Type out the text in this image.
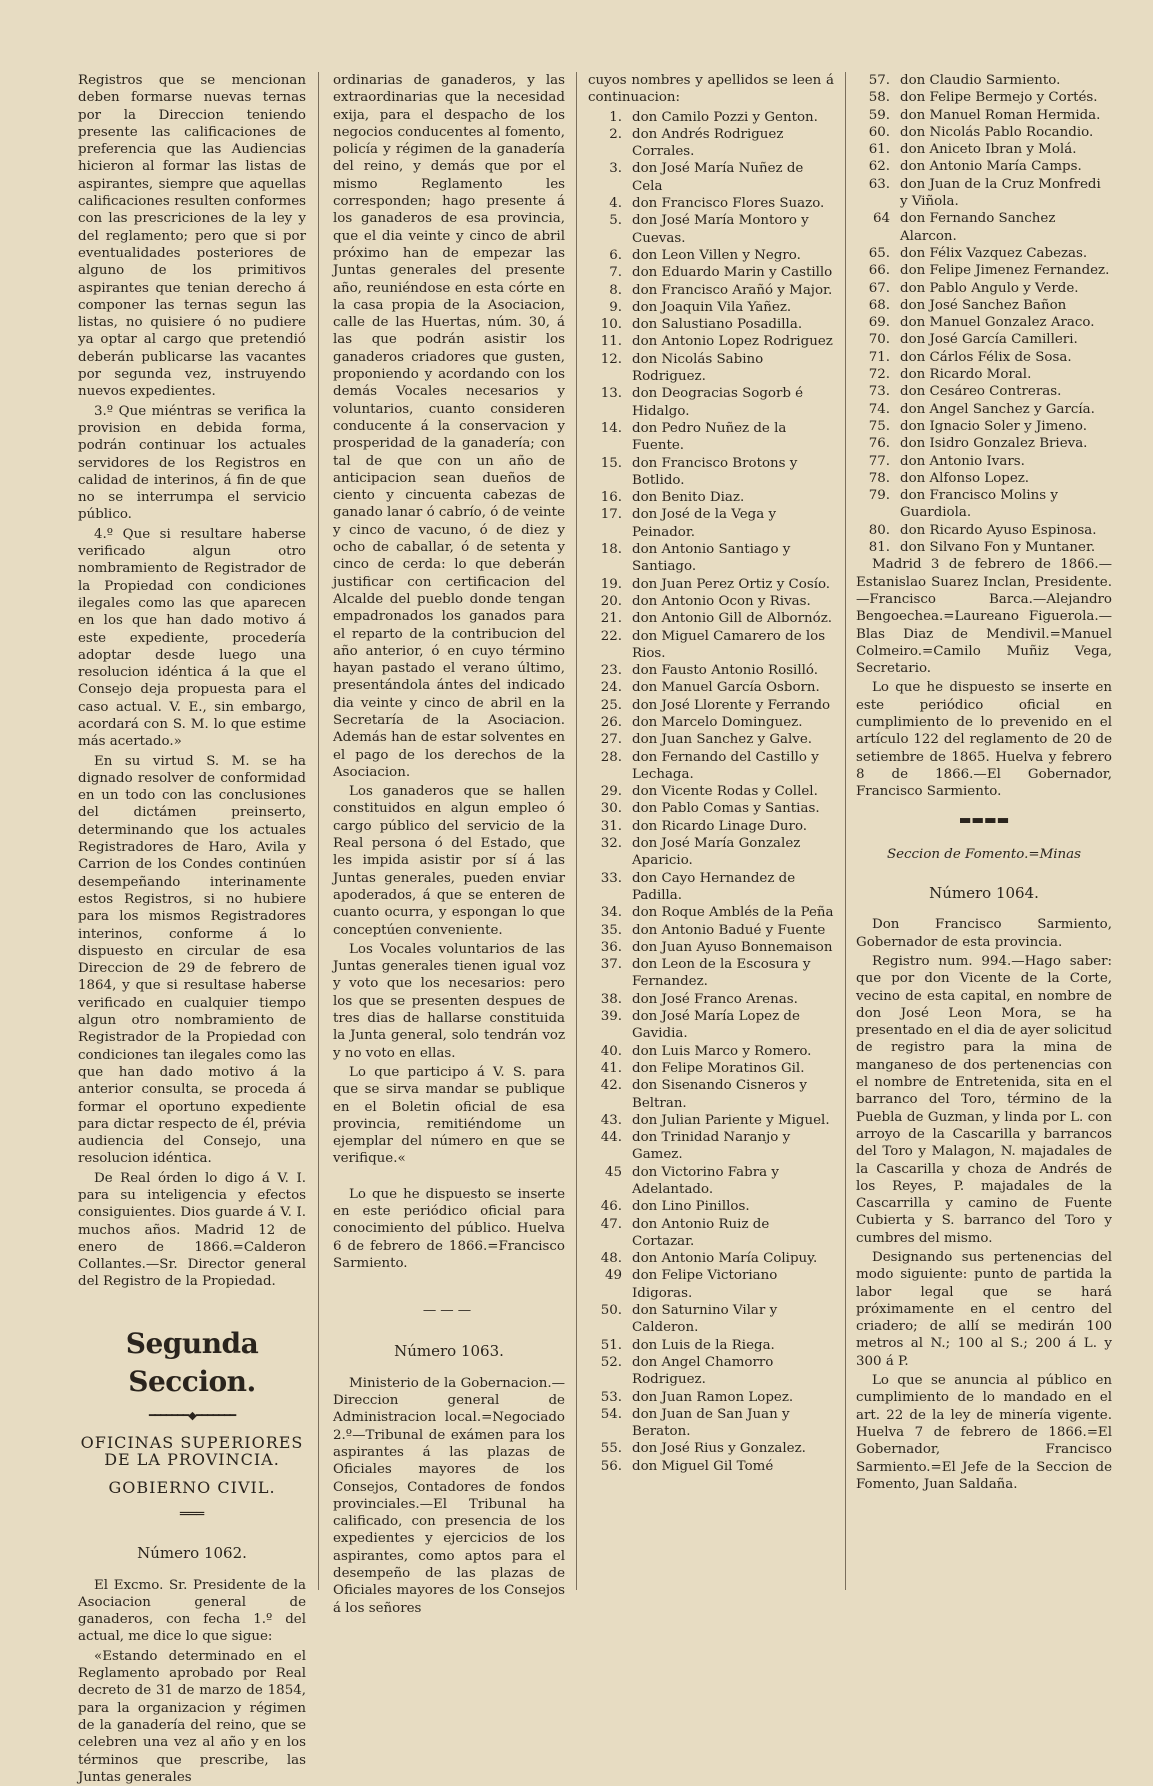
Registros que se mencionan deben formarse nuevas ternas por la Direccion teniendo presente las calificaciones de preferencia que las Audiencias hicieron al formar las listas de aspirantes, siempre que aquellas calificaciones resulten conformes con las prescriciones de la ley y del reglamento; pero que si por eventualidades posteriores de alguno de los primitivos aspirantes que tenian derecho á componer las ternas segun las listas, no quisiere ó no pudiere ya optar al cargo que pretendió deberán publicarse las vacantes por segunda vez, instruyendo nuevos expedientes.

3.º Que miéntras se verifica la provision en debida forma, podrán continuar los actuales servidores de los Registros en calidad de interinos, á fin de que no se interrumpa el servicio público.

4.º Que si resultare haberse verificado algun otro nombramiento de Registrador de la Propiedad con condiciones ilegales como las que aparecen en los que han dado motivo á este expediente, procedería adoptar desde luego una resolucion idéntica á la que el Consejo deja propuesta para el caso actual. V. E., sin embargo, acordará con S. M. lo que estime más acertado.»

En su virtud S. M. se ha dignado resolver de conformidad en un todo con las conclusiones del dictámen preinserto, determinando que los actuales Registradores de Haro, Avila y Carrion de los Condes continúen desempeñando interinamente estos Registros, si no hubiere para los mismos Registradores interinos, conforme á lo dispuesto en circular de esa Direccion de 29 de febrero de 1864, y que si resultase haberse verificado en cualquier tiempo algun otro nombramiento de Registrador de la Propiedad con condiciones tan ilegales como las que han dado motivo á la anterior consulta, se proceda á formar el oportuno expediente para dictar respecto de él, prévia audiencia del Consejo, una resolucion idéntica.

De Real órden lo digo á V. I. para su inteligencia y efectos consiguientes. Dios guarde á V. I. muchos años. Madrid 12 de enero de 1866.=Calderon Collantes.—Sr. Director general del Registro de la Propiedad.

Segunda Seccion.
━━━━━━━◆━━━━━━━
OFICINAS SUPERIORES DE LA PROVINCIA.
GOBIERNO CIVIL.
═══
Número 1062.

El Excmo. Sr. Presidente de la Asociacion general de ganaderos, con fecha 1.º del actual, me dice lo que sigue:

«Estando determinado en el Reglamento aprobado por Real decreto de 31 de marzo de 1854, para la organizacion y régimen de la ganadería del reino, que se celebren una vez al año y en los términos que prescribe, las Juntas generales

ordinarias de ganaderos, y las extraordinarias que la necesidad exija, para el despacho de los negocios conducentes al fomento, policía y régimen de la ganadería del reino, y demás que por el mismo Reglamento les corresponden; hago presente á los ganaderos de esa provincia, que el dia veinte y cinco de abril próximo han de empezar las Juntas generales del presente año, reuniéndose en esta córte en la casa propia de la Asociacion, calle de las Huertas, núm. 30, á las que podrán asistir los ganaderos criadores que gusten, proponiendo y acordando con los demás Vocales necesarios y voluntarios, cuanto consideren conducente á la conservacion y prosperidad de la ganadería; con tal de que con un año de anticipacion sean dueños de ciento y cincuenta cabezas de ganado lanar ó cabrío, ó de veinte y cinco de vacuno, ó de diez y ocho de caballar, ó de setenta y cinco de cerda: lo que deberán justificar con certificacion del Alcalde del pueblo donde tengan empadronados los ganados para el reparto de la contribucion del año anterior, ó en cuyo término hayan pastado el verano último, presentándola ántes del indicado dia veinte y cinco de abril en la Secretaría de la Asociacion. Además han de estar solventes en el pago de los derechos de la Asociacion.

Los ganaderos que se hallen constituidos en algun empleo ó cargo público del servicio de la Real persona ó del Estado, que les impida asistir por sí á las Juntas generales, pueden enviar apoderados, á que se enteren de cuanto ocurra, y espongan lo que conceptúen conveniente.

Los Vocales voluntarios de las Juntas generales tienen igual voz y voto que los necesarios: pero los que se presenten despues de tres dias de hallarse constituida la Junta general, solo tendrán voz y no voto en ellas.

Lo que participo á V. S. para que se sirva mandar se publique en el Boletin oficial de esa provincia, remitiéndome un ejemplar del número en que se verifique.«

Lo que he dispuesto se inserte en este periódico oficial para conocimiento del público. Huelva 6 de febrero de 1866.=Francisco Sarmiento.

———
Número 1063.

Ministerio de la Gobernacion.—Direccion general de Administracion local.=Negociado 2.º—Tribunal de exámen para los aspirantes á las plazas de Oficiales mayores de los Consejos, Contadores de fondos provinciales.—El Tribunal ha calificado, con presencia de los expedientes y ejercicios de los aspirantes, como aptos para el desempeño de las plazas de Oficiales mayores de los Consejos á los señores

cuyos nombres y apellidos se leen á continuacion:

1. don Camilo Pozzi y Genton.
2. don Andrés Rodriguez Corrales.
3. don José María Nuñez de Cela
4. don Francisco Flores Suazo.
5. don José María Montoro y Cuevas.
6. don Leon Villen y Negro.
7. don Eduardo Marin y Castillo
8. don Francisco Arañó y Major.
9. don Joaquin Vila Yañez.
10. don Salustiano Posadilla.
11. don Antonio Lopez Rodriguez
12. don Nicolás Sabino Rodriguez.
13. don Deogracias Sogorb é Hidalgo.
14. don Pedro Nuñez de la Fuente.
15. don Francisco Brotons y Botlido.
16. don Benito Diaz.
17. don José de la Vega y Peinador.
18. don Antonio Santiago y Santiago.
19. don Juan Perez Ortiz y Cosío.
20. don Antonio Ocon y Rivas.
21. don Antonio Gill de Albornóz.
22. don Miguel Camarero de los Rios.
23. don Fausto Antonio Rosilló.
24. don Manuel García Osborn.
25. don José Llorente y Ferrando
26. don Marcelo Dominguez.
27. don Juan Sanchez y Galve.
28. don Fernando del Castillo y Lechaga.
29. don Vicente Rodas y Collel.
30. don Pablo Comas y Santias.
31. don Ricardo Linage Duro.
32. don José María Gonzalez Aparicio.
33. don Cayo Hernandez de Padilla.
34. don Roque Amblés de la Peña
35. don Antonio Badué y Fuente
36. don Juan Ayuso Bonnemaison
37. don Leon de la Escosura y Fernandez.
38. don José Franco Arenas.
39. don José María Lopez de Gavidia.
40. don Luis Marco y Romero.
41. don Felipe Moratinos Gil.
42. don Sisenando Cisneros y Beltran.
43. don Julian Pariente y Miguel.
44. don Trinidad Naranjo y Gamez.
45 don Victorino Fabra y Adelantado.
46. don Lino Pinillos.
47. don Antonio Ruiz de Cortazar.
48. don Antonio María Colipuy.
49 don Felipe Victoriano Idigoras.
50. don Saturnino Vilar y Calderon.
51. don Luis de la Riega.
52. don Angel Chamorro Rodriguez.
53. don Juan Ramon Lopez.
54. don Juan de San Juan y Beraton.
55. don José Rius y Gonzalez.
56. don Miguel Gil Tomé
57. don Claudio Sarmiento.
58. don Felipe Bermejo y Cortés.
59. don Manuel Roman Hermida.
60. don Nicolás Pablo Rocandio.
61. don Aniceto Ibran y Molá.
62. don Antonio María Camps.
63. don Juan de la Cruz Monfredi y Viñola.
64 don Fernando Sanchez Alarcon.
65. don Félix Vazquez Cabezas.
66. don Felipe Jimenez Fernandez.
67. don Pablo Angulo y Verde.
68. don José Sanchez Bañon
69. don Manuel Gonzalez Araco.
70. don José García Camilleri.
71. don Cárlos Félix de Sosa.
72. don Ricardo Moral.
73. don Cesáreo Contreras.
74. don Angel Sanchez y García.
75. don Ignacio Soler y Jimeno.
76. don Isidro Gonzalez Brieva.
77. don Antonio Ivars.
78. don Alfonso Lopez.
79. don Francisco Molins y Guardiola.
80. don Ricardo Ayuso Espinosa.
81. don Silvano Fon y Muntaner.

Madrid 3 de febrero de 1866.—Estanislao Suarez Inclan, Presidente.—Francisco Barca.—Alejandro Bengoechea.=Laureano Figuerola.—Blas Diaz de Mendivil.=Manuel Colmeiro.=Camilo Muñiz Vega, Secretario.

Lo que he dispuesto se inserte en este periódico oficial en cumplimiento de lo prevenido en el artículo 122 del reglamento de 20 de setiembre de 1865. Huelva y febrero 8 de 1866.—El Gobernador, Francisco Sarmiento.

▬▬▬▬
Seccion de Fomento.=Minas
Número 1064.

Don Francisco Sarmiento, Gobernador de esta provincia.

Registro num. 994.—Hago saber: que por don Vicente de la Corte, vecino de esta capital, en nombre de don José Leon Mora, se ha presentado en el dia de ayer solicitud de registro para la mina de manganeso de dos pertenencias con el nombre de Entretenida, sita en el barranco del Toro, término de la Puebla de Guzman, y linda por L. con arroyo de la Cascarilla y barrancos del Toro y Malagon, N. majadales de la Cascarilla y choza de Andrés de los Reyes, P. majadales de la Cascarrilla y camino de Fuente Cubierta y S. barranco del Toro y cumbres del mismo.

Designando sus pertenencias del modo siguiente: punto de partida la labor legal que se hará próximamente en el centro del criadero; de allí se medirán 100 metros al N.; 100 al S.; 200 á L. y 300 á P.

Lo que se anuncia al público en cumplimiento de lo mandado en el art. 22 de la ley de minería vigente. Huelva 7 de febrero de 1866.=El Gobernador, Francisco Sarmiento.=El Jefe de la Seccion de Fomento, Juan Saldaña.
